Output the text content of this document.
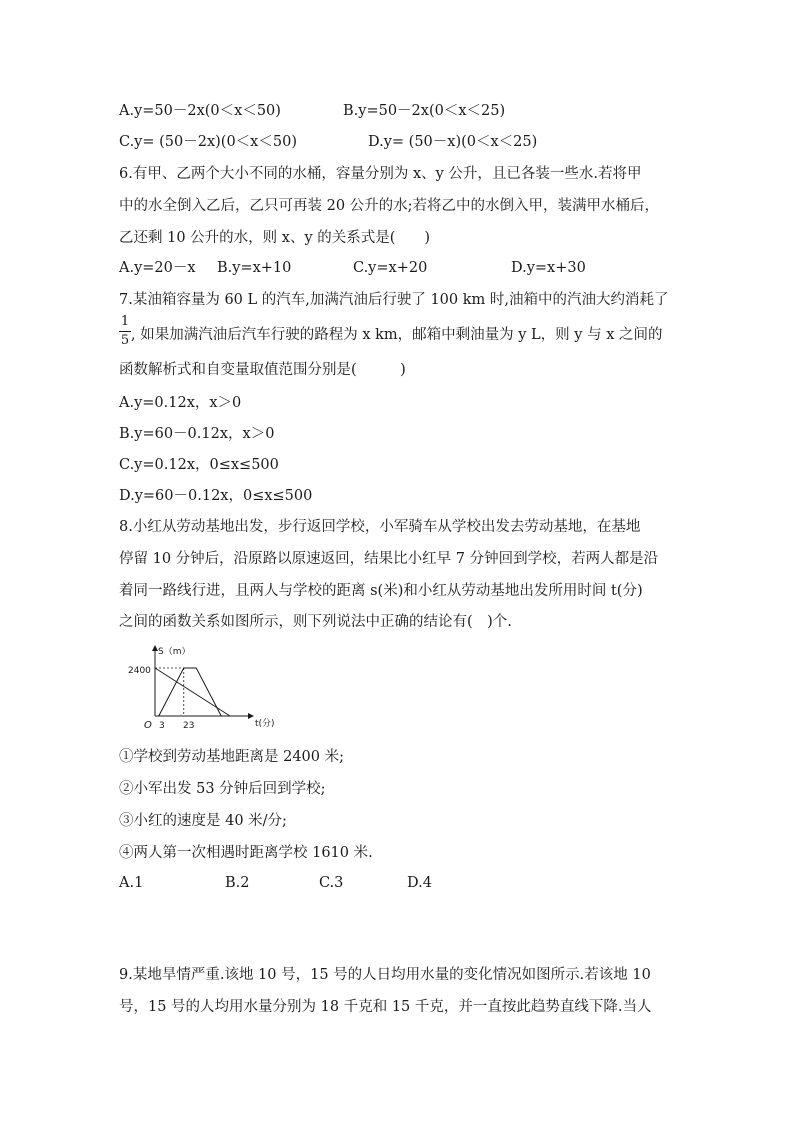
A.y=50－2x(0＜x＜50)	B.y=50－2x(0＜x＜25)
C.y= (50－2x)(0＜x＜50)	D.y= (50－x)(0＜x＜25)
6.有甲、乙两个大小不同的水桶，容量分别为 x、y 公升，且已各装一些水.若将甲
中的水全倒入乙后，乙只可再装 20 公升的水;若将乙中的水倒入甲，装满甲水桶后，
乙还剩 10 公升的水，则 x、y 的关系式是(　　)
A.y=20－x B.y=x+10	C.y=x+20	D.y=x+30
7.某油箱容量为 60 L 的汽车,加满汽油后行驶了 100 km 时,油箱中的汽油大约消耗了
1
5 , 如果加满汽油后汽车行驶的路程为 x km，邮箱中剩油量为 y L，则 y 与 x 之间的
函数解析式和自变量取值范围分别是(　　　)
A.y=0.12x，x＞0
B.y=60－0.12x，x＞0
C.y=0.12x，0≤x≤500
D.y=60－0.12x，0≤x≤500
8.小红从劳动基地出发，步行返回学校，小军骑车从学校出发去劳动基地，在基地
停留 10 分钟后，沿原路以原速返回，结果比小红早 7 分钟回到学校，若两人都是沿
着同一路线行进，且两人与学校的距离 s(米)和小红从劳动基地出发所用时间 t(分)
之间的函数关系如图所示，则下列说法中正确的结论有(　)个.
S（m）
2400
O 3 23	t(分)
①学校到劳动基地距离是 2400 米;
②小军出发 53 分钟后回到学校;
③小红的速度是 40 米/分;
④两人第一次相遇时距离学校 1610 米.
A.1	B.2	C.3	D.4
9.某地旱情严重.该地 10 号，15 号的人日均用水量的变化情况如图所示.若该地 10
号，15 号的人均用水量分别为 18 千克和 15 千克，并一直按此趋势直线下降.当人
